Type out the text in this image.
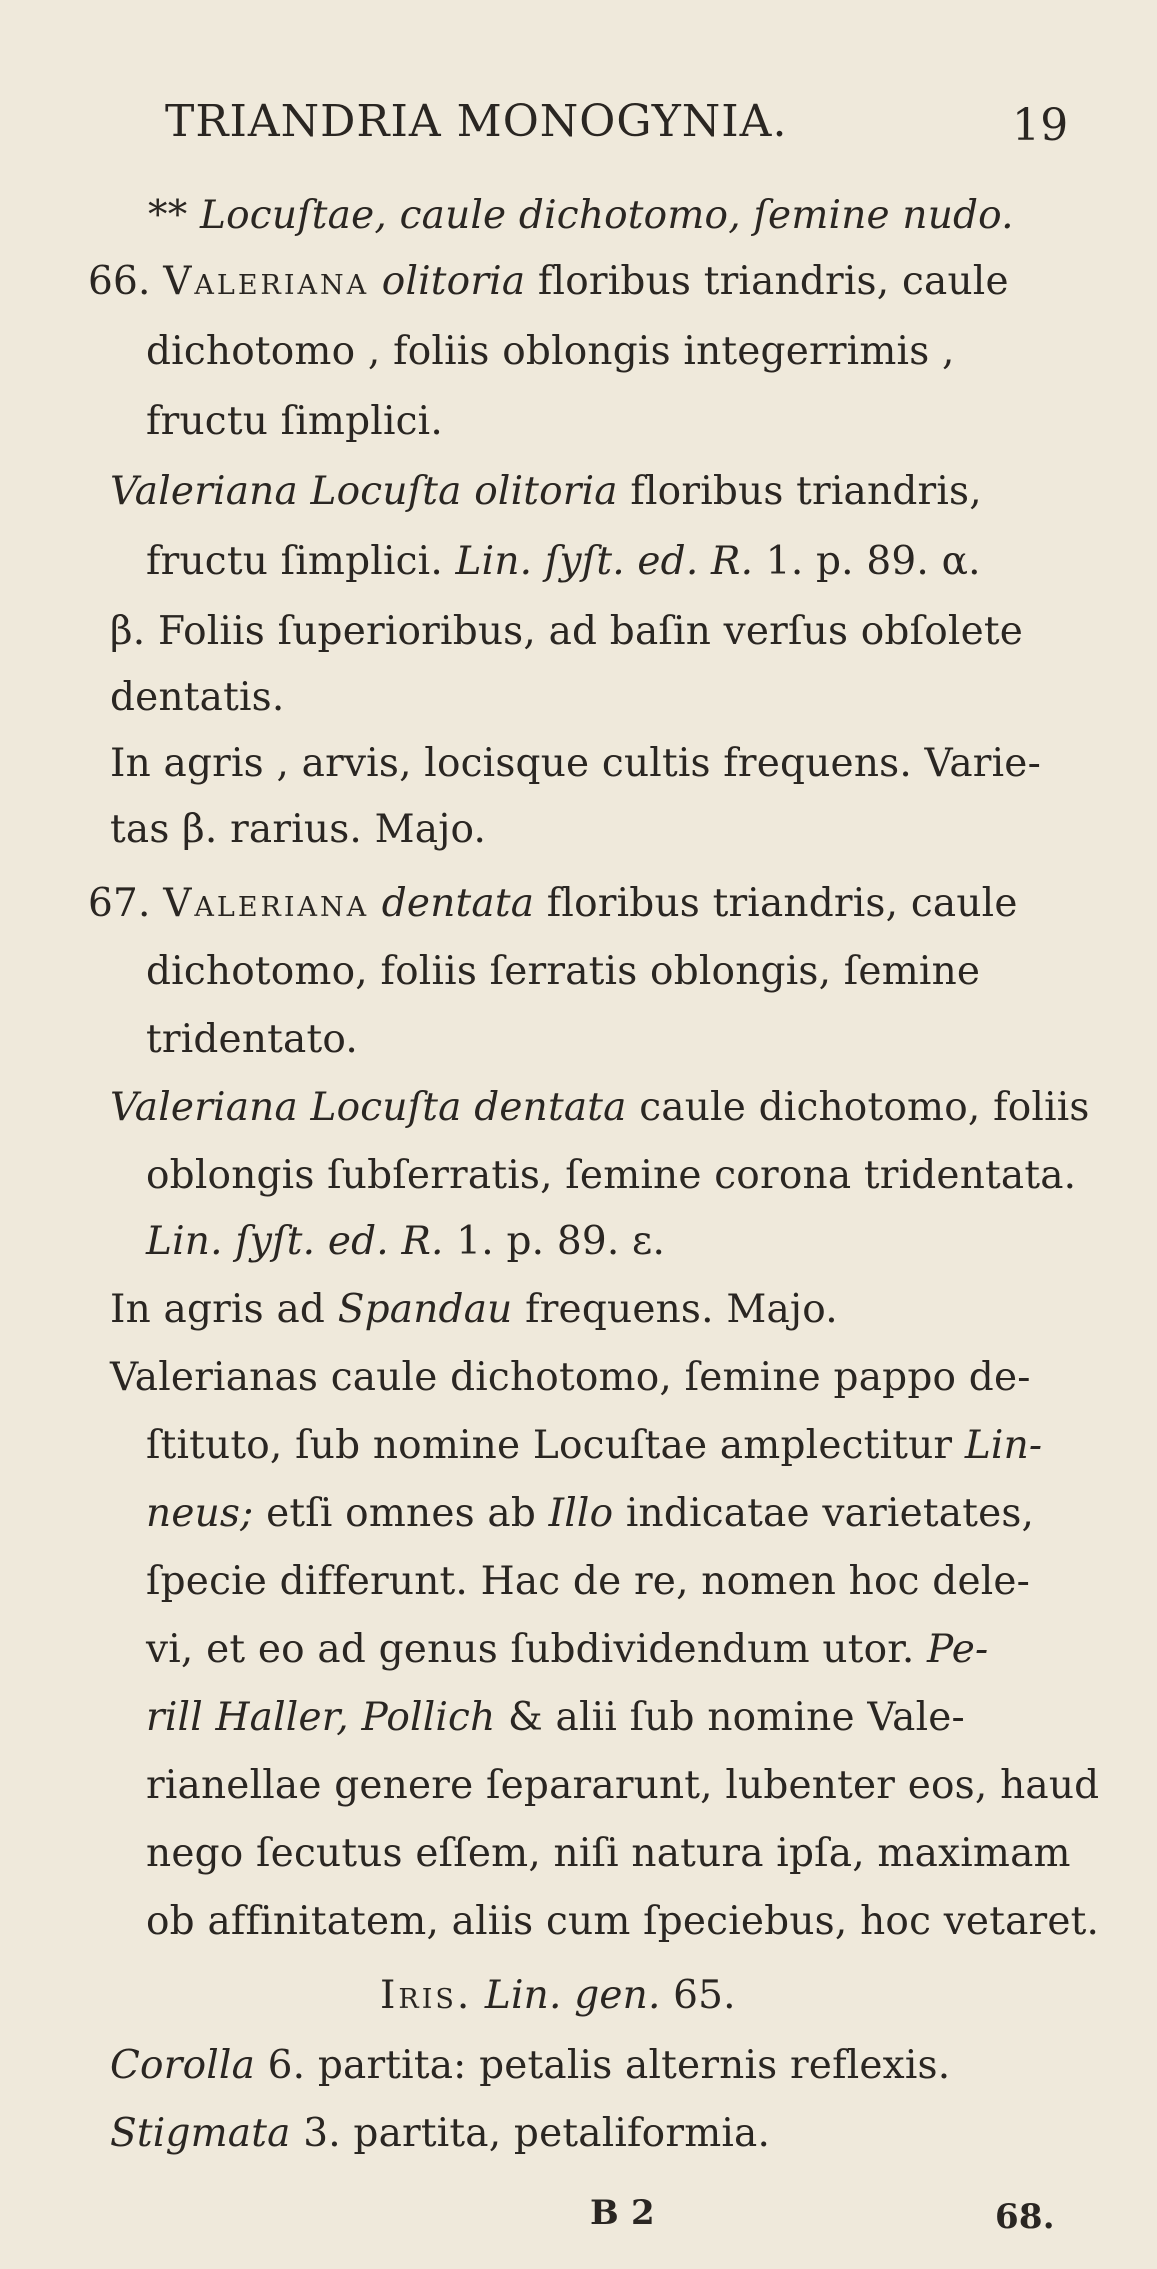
TRIANDRIA MONOGYNIA.	19
** Locuſtae, caule dichotomo, ſemine nudo.
66. Valeriana olitoria floribus triandris, caule
dichotomo , foliis oblongis integerrimis ,
fructu ſimplici.
Valeriana Locuſta olitoria floribus triandris,
fructu ſimplici. Lin. ſyſt. ed. R. 1. p. 89. α.
β. Foliis ſuperioribus, ad baſin verſus obſolete
dentatis.
In agris , arvis, locisque cultis frequens. Varie-
tas β. rarius. Majo.
67. Valeriana dentata floribus triandris, caule
dichotomo, foliis ſerratis oblongis, ſemine
tridentato.
Valeriana Locuſta dentata caule dichotomo, foliis
oblongis ſubſerratis, ſemine corona tridentata.
Lin. ſyſt. ed. R. 1. p. 89. ε.
In agris ad Spandau frequens. Majo.
Valerianas caule dichotomo, ſemine pappo de-
ſtituto, ſub nomine Locuſtae amplectitur Lin-
neus; etſi omnes ab Illo indicatae varietates,
ſpecie differunt. Hac de re, nomen hoc dele-
vi, et eo ad genus ſubdividendum utor. Pe-
rill Haller, Pollich & alii ſub nomine Vale-
rianellae genere ſepararunt, lubenter eos, haud
nego ſecutus eſſem, niſi natura ipſa, maximam
ob affinitatem, aliis cum ſpeciebus, hoc vetaret.
Iris. Lin. gen. 65.
Corolla 6. partita: petalis alternis reflexis.
Stigmata 3. partita, petaliformia.
B 2	68.
